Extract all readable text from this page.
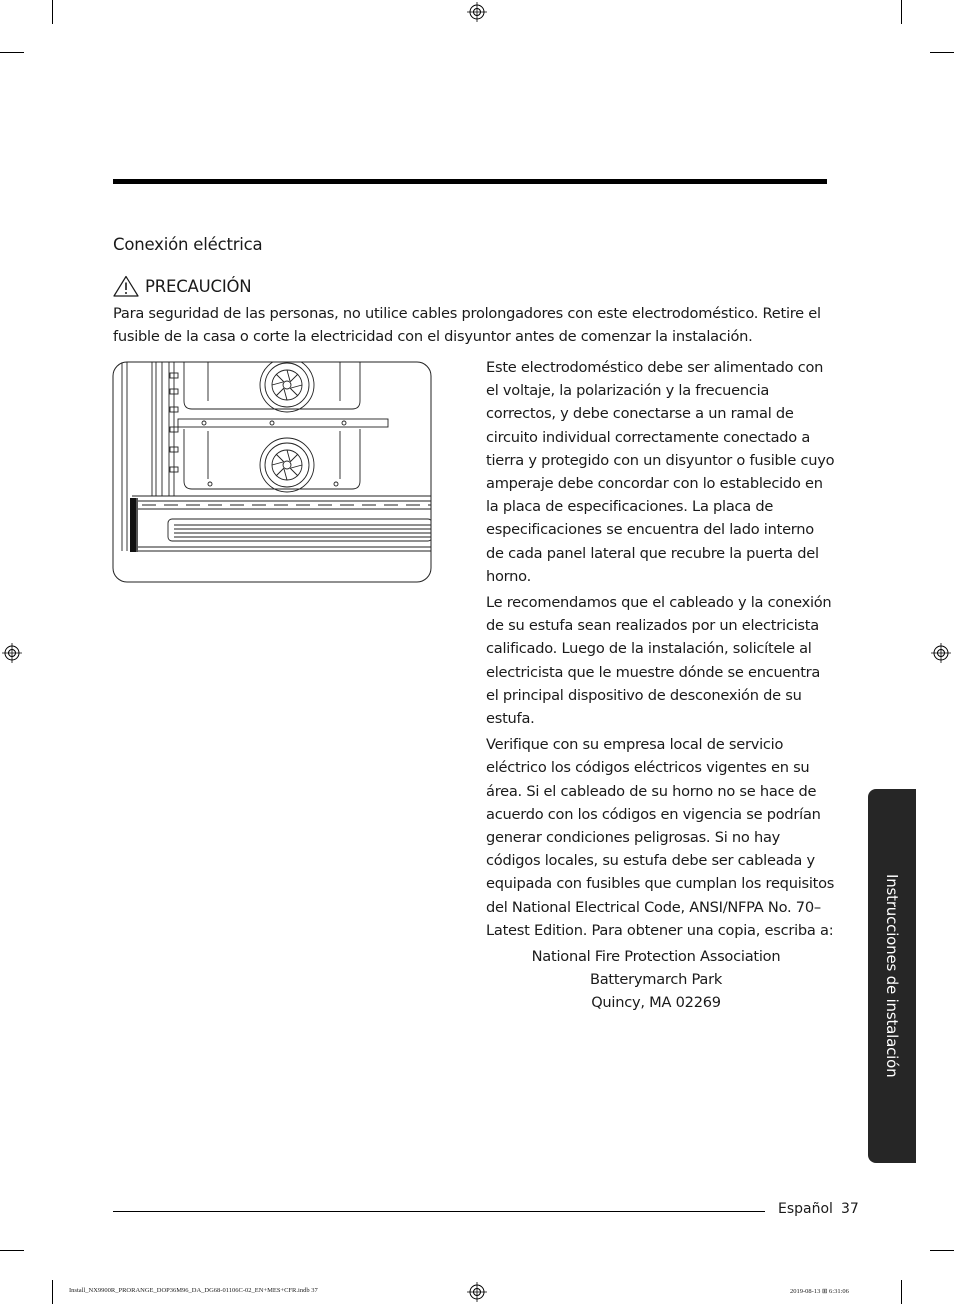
Conexión eléctrica
PRECAUCIÓN
Para seguridad de las personas, no utilice cables prolongadores con este electrodoméstico. Retire el fusible de la casa o corte la electricidad con el disyuntor antes de comenzar la instalación.

Este electrodoméstico debe ser alimentado con el voltaje, la polarización y la frecuencia correctos, y debe conectarse a un ramal de circuito individual correctamente conectado a tierra y protegido con un disyuntor o fusible cuyo amperaje debe concordar con lo establecido en la placa de especificaciones. La placa de especificaciones se encuentra del lado interno de cada panel lateral que recubre la puerta del horno.

Le recomendamos que el cableado y la conexión de su estufa sean realizados por un electricista calificado. Luego de la instalación, solicítele al electricista que le muestre dónde se encuentra el principal dispositivo de desconexión de su estufa.

Verifique con su empresa local de servicio eléctrico los códigos eléctricos vigentes en su área. Si el cableado de su horno no se hace de acuerdo con los códigos en vigencia se podrían generar condiciones peligrosas. Si no hay códigos locales, su estufa debe ser cableada y equipada con fusibles que cumplan los requisitos del National Electrical Code, ANSI/NFPA No. 70–Latest Edition. Para obtener una copia, escriba a:

National Fire Protection Association

Batterymarch Park

Quincy, MA 02269	Instrucciones de instalación
Español 37
Install_NX9900R_PRORANGE_DOP36M96_DA_DG68-01106C-02_EN+MES+CFR.indb 37	2019-08-13 ⊞ 6:31:06
